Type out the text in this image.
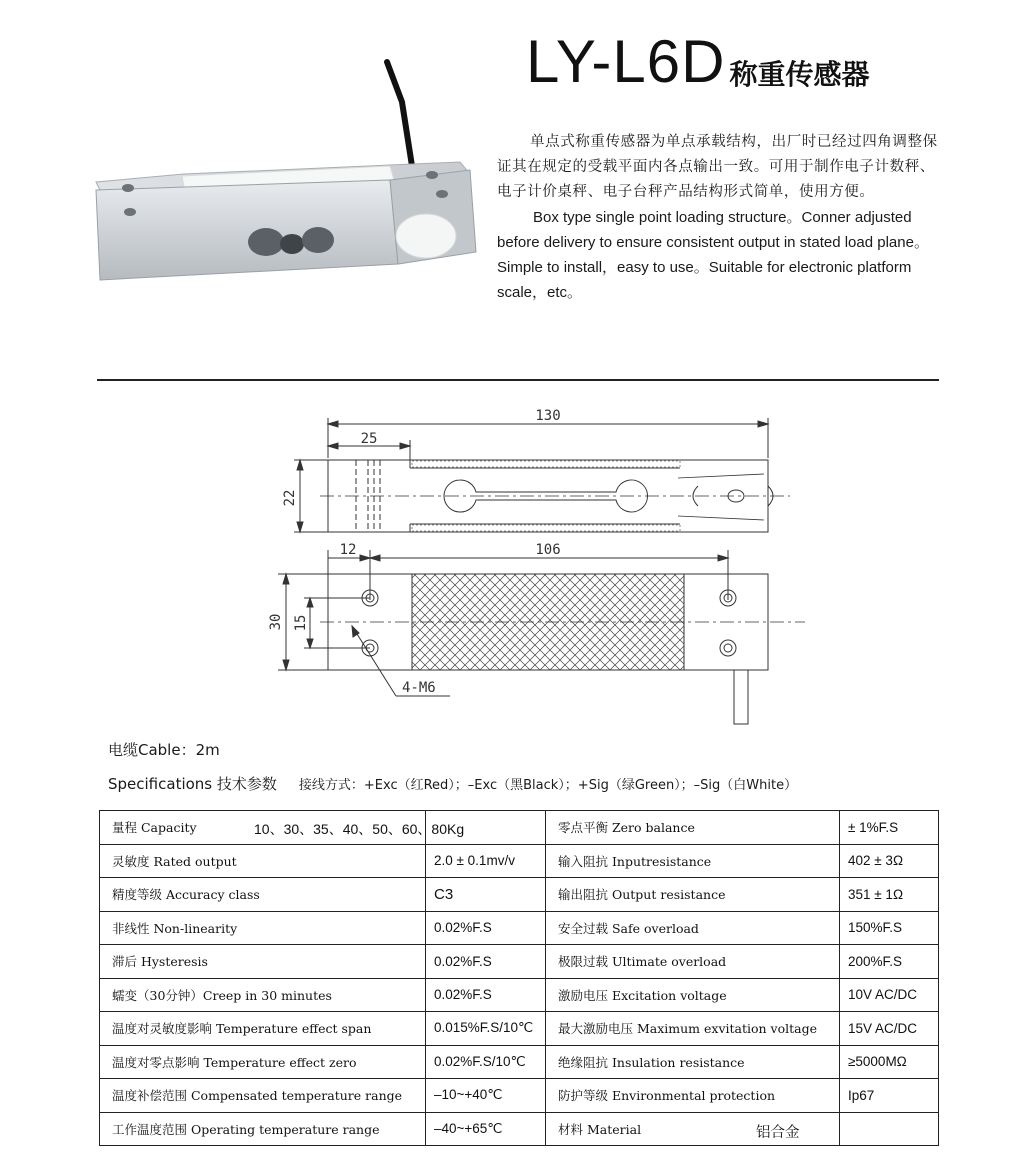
LY-L6D 称重传感器

单点式称重传感器为单点承载结构，出厂时已经过四角调整保证其在规定的受载平面内各点输出一致。可用于制作电子计数秤、电子计价桌秤、电子台秤产品结构形式简单，使用方便。

Box type single point loading structure。Conner adjusted before delivery to ensure consistent output in stated load plane。Simple to install，easy to use。Suitable for electronic platform scale，etc。

130
25
22
12	106
30 15
4-M6
电缆Cable：2m
Specifications 技术参数 接线方式：+Exc（红Red）；–Exc（黑Black）；+Sig（绿Green）；–Sig（白White）
量程 Capacity 10、30、35、40、50、60、80Kg		零点平衡 Zero balance	± 1%F.S
灵敏度 Rated output	2.0 ± 0.1mv/v	输入阻抗 Inputresistance	402 ± 3Ω
精度等级 Accuracy class	C3	输出阻抗 Output resistance	351 ± 1Ω
非线性 Non-linearity	0.02%F.S	安全过载 Safe overload	150%F.S
滞后 Hysteresis	0.02%F.S	极限过载 Ultimate overload	200%F.S
蠕变（30分钟）Creep in 30 minutes	0.02%F.S	激励电压 Excitation voltage	10V AC/DC
温度对灵敏度影响 Temperature effect span	0.015%F.S/10℃	最大激励电压 Maximum exvitation voltage	15V AC/DC
温度对零点影响 Temperature effect zero	0.02%F.S/10℃	绝缘阻抗 Insulation resistance	≥5000MΩ
温度补偿范围 Compensated temperature range	–10~+40℃	防护等级 Environmental protection	Ip67
工作温度范围 Operating temperature range	–40~+65℃	材料 Material 铝合金	
